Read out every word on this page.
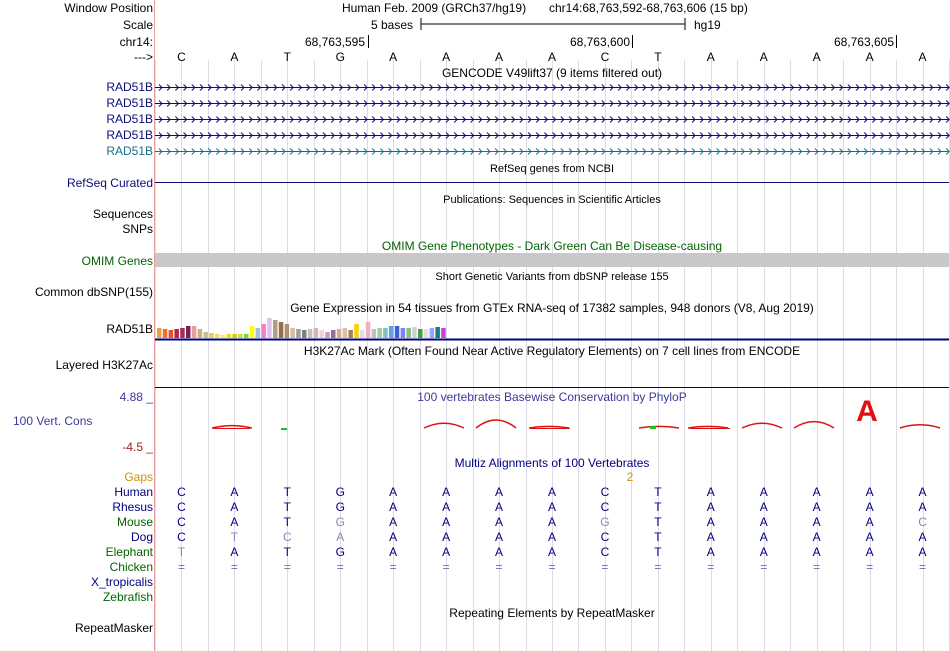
Window Position	Human Feb. 2009 (GRCh37/hg19) chr14:68,763,592-68,763,606 (15 bp)
Scale	5 bases	hg19
chr14:	68,763,595	68,763,600	68,763,605
---> C	A	T	G	A	A	A	A	C	T	A	A	A	A	A
GENCODE V49lift37 (9 items filtered out)
RAD51B
RAD51B
RAD51B
RAD51B
RAD51B
RefSeq genes from NCBI
RefSeq Curated
Publications: Sequences in Scientific Articles
Sequences
SNPs
OMIM Gene Phenotypes - Dark Green Can Be Disease-causing
OMIM Genes
Short Genetic Variants from dbSNP release 155
Common dbSNP(155)
Gene Expression in 54 tissues from GTEx RNA-seq of 17382 samples, 948 donors (V8, Aug 2019)
RAD51B
H3K27Ac Mark (Often Found Near Active Regulatory Elements) on 7 cell lines from ENCODE
Layered H3K27Ac
100 vertebrates Basewise Conservation by PhyloP
4.88 _
100 Vert. Cons
-4.5 _
A
Multiz Alignments of 100 Vertebrates
Gaps	2
Human C	A	T	G	A	A	A	A	C	T	A	A	A	A	A
Rhesus C	A	T	G	A	A	A	A	C	T	A	A	A	A	A
Mouse C	A	T	G	A	A	A	A	G	T	A	A	A	A	C
Dog C	T	C	A	A	A	A	A	C	T	A	A	A	A	A
Elephant T	A	T	G	A	A	A	A	C	T	A	A	A	A	A
Chicken =	=	=	=	=	=	=	=	=	=	=	=	=	=	=
X_tropicalis
Zebrafish
Repeating Elements by RepeatMasker
RepeatMasker
